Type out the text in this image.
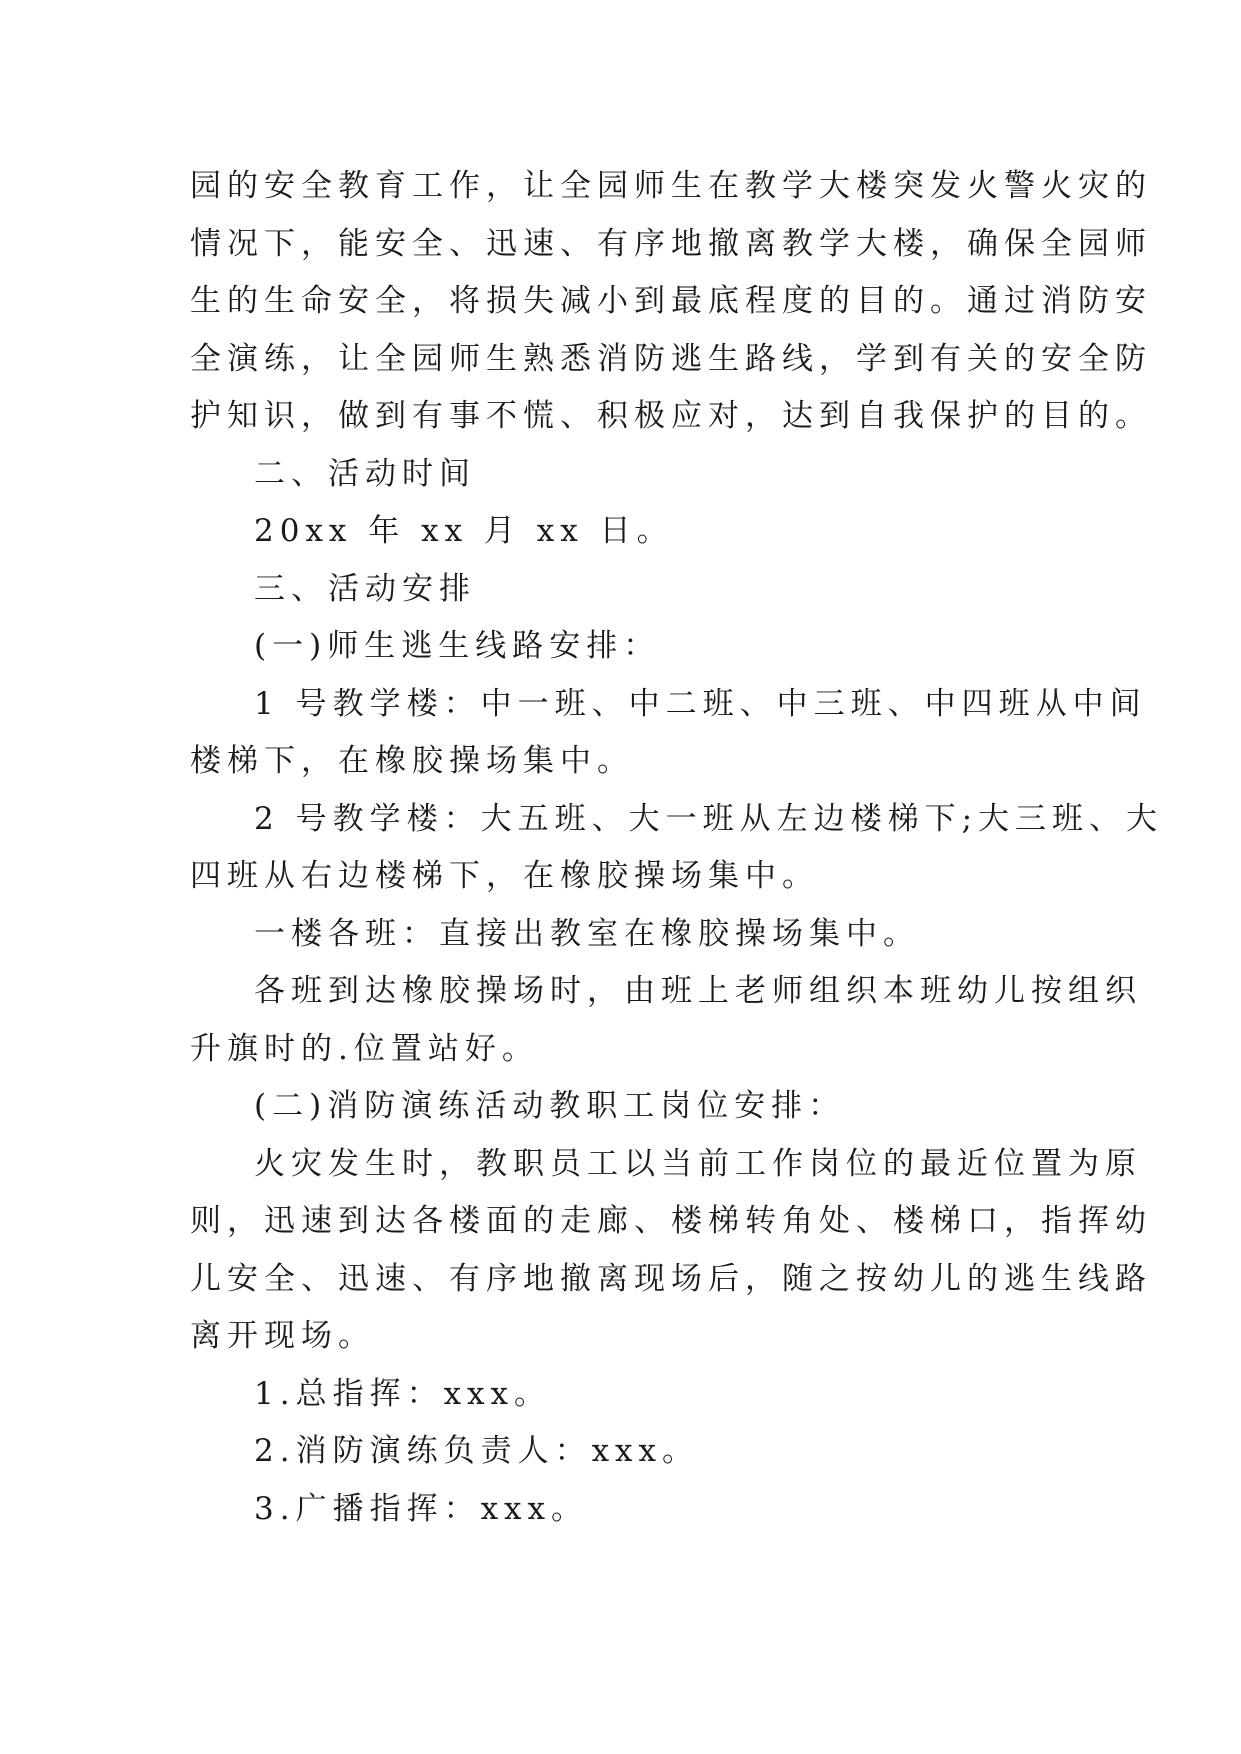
园的安全教育工作，让全园师生在教学大楼突发火警火灾的

情况下，能安全、迅速、有序地撤离教学大楼，确保全园师

生的生命安全，将损失减小到最底程度的目的。通过消防安

全演练，让全园师生熟悉消防逃生路线，学到有关的安全防

护知识，做到有事不慌、积极应对，达到自我保护的目的。

二、活动时间

20xx 年 xx 月 xx 日。

三、活动安排

(一)师生逃生线路安排：

1 号教学楼：中一班、中二班、中三班、中四班从中间

楼梯下，在橡胶操场集中。

2 号教学楼：大五班、大一班从左边楼梯下;大三班、大

四班从右边楼梯下，在橡胶操场集中。

一楼各班：直接出教室在橡胶操场集中。

各班到达橡胶操场时，由班上老师组织本班幼儿按组织

升旗时的.位置站好。

(二)消防演练活动教职工岗位安排：

火灾发生时，教职员工以当前工作岗位的最近位置为原

则，迅速到达各楼面的走廊、楼梯转角处、楼梯口，指挥幼

儿安全、迅速、有序地撤离现场后，随之按幼儿的逃生线路

离开现场。

1.总指挥：xxx。

2.消防演练负责人：xxx。

3.广播指挥：xxx。
